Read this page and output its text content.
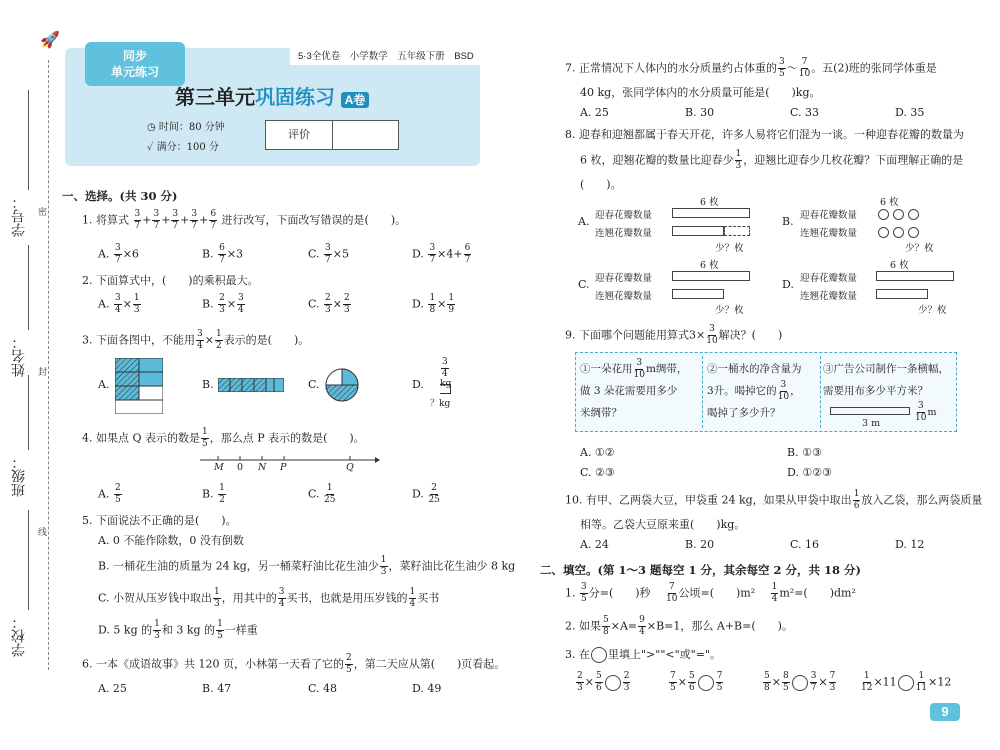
🚀
密
封
线
学号：
姓名：
班级：
学校：
5·3全优卷　小学数学　五年级下册　BSD
同步
单元练习
第三单元巩固练习 A卷
◷ 时间：80 分钟
✓ 满分：100 分
评价
一、选择。(共 30 分)
1. 将算式 $\frac{3}{7} + \frac{3}{7} + \frac{3}{7} + \frac{3}{7} + \frac{6}{7}$ 进行改写，下面改写错误的是(　　)。
A. $\frac{3}{7} \times 6$	B. $\frac{6}{7} \times 3$	C. $\frac{3}{7} \times 5$	D. $\frac{3}{7} \times 4+ \frac{6}{7}$
2. 下面算式中，(　　)的乘积最大。
A. $\frac{3}{4} \times \frac{1}{3}$	B. $\frac{2}{3} \times \frac{3}{4}$	C. $\frac{2}{3} \times \frac{2}{3}$	D. $\frac{1}{8} \times \frac{1}{9}$
3. 下面各图中，不能用 $\frac{3}{4} \times \frac{1}{2}$ 表示的是(　　)。
A.	B.	C.	D.
$\frac{3}{4}$
kg
？kg
4. 如果点 Q 表示的数是 $\frac{1}{5}$ ，那么点 P 表示的数是(　　)。
M 0 N P	Q
A. $\frac{2}{5}$	B. $\frac{1}{2}$	C. $\frac{1}{25}$	D. $\frac{2}{25}$
5. 下面说法不正确的是(　　)。
A. 0 不能作除数，0 没有倒数
B. 一桶花生油的质量为 24 kg，另一桶菜籽油比花生油少 $\frac{1}{3}$ ，菜籽油比花生油少 8 kg
C. 小贺从压岁钱中取出 $\frac{1}{3}$ ，用其中的 $\frac{3}{4}$ 买书，也就是用压岁钱的 $\frac{1}{4}$ 买书
D. 5 kg 的 $\frac{1}{3}$ 和 3 kg 的 $\frac{1}{5}$ 一样重
6. 一本《成语故事》共 120 页，小林第一天看了它的 $\frac{2}{5}$ ，第二天应从第(　　)页看起。
A. 25	B. 47	C. 48	D. 49
7. 正常情况下人体内的水分质量约占体重的 $\frac{3}{5}$ ～ $\frac{7}{10}$ 。五(2)班的张同学体重是
40 kg，张同学体内的水分质量可能是(　　)kg。
A. 25	B. 30	C. 33	D. 35
8. 迎春和迎翘都属于春天开花，许多人易将它们混为一谈。一种迎春花瓣的数量为
6 枚，迎翘花瓣的数量比迎春少 $\frac{1}{3}$ ，迎翘比迎春少几枚花瓣？下面理解正确的是
(　　)。
A. 迎春花瓣数量
连翘花瓣数量
6 枚
少？枚
B. 迎春花瓣数量
连翘花瓣数量
6 枚
少？枚
C. 迎春花瓣数量
连翘花瓣数量
6 枚
少？枚
D. 迎春花瓣数量
连翘花瓣数量
6 枚
少？枚
9. 下面哪个问题能用算式$3\times \frac{3}{10}$ 解决？(　　)
①一朵花用 $\frac{3}{10}$ m绸带，
做 3 朵花需要用多少
米绸带？
②一桶水的净含量为
3升。喝掉它的 $\frac{3}{10}$ ，
喝掉了多少升？
③广告公司制作一条横幅，
需要用布多少平方米？
3 m
$\frac{3}{10}$ m
A. ①②	B. ①③
C. ②③	D. ①②③
10. 有甲、乙两袋大豆，甲袋重 24 kg，如果从甲袋中取出 $\frac{1}{6}$ 放入乙袋，那么两袋质量
相等。乙袋大豆原来重(　　)kg。
A. 24	B. 20	C. 16	D. 12
二、填空。(第 1～3 题每空 1 分，其余每空 2 分，共 18 分)
1. $\frac{3}{5}$ 分=(　　)秒　 $\frac{7}{10}$ 公顷=(　　)m²　 $\frac{1}{4} m^2=$(　　)dm²
2. 如果 $\frac{5}{8} \times A= \frac{9}{4} \times B=1$，那么 A+B=(　　)。
3. 在 里填上">""<"或"="。
$\frac{2}{3} \times \frac{5}{6} \frac{2}{3}$	$\frac{7}{5} \times \frac{5}{6} \frac{7}{5}$	$\frac{5}{8} \times \frac{8}{5} \frac{3}{7} \times \frac{7}{3}$	$\frac{1}{12} \times 11 \frac{1}{11} \times 12$
9
